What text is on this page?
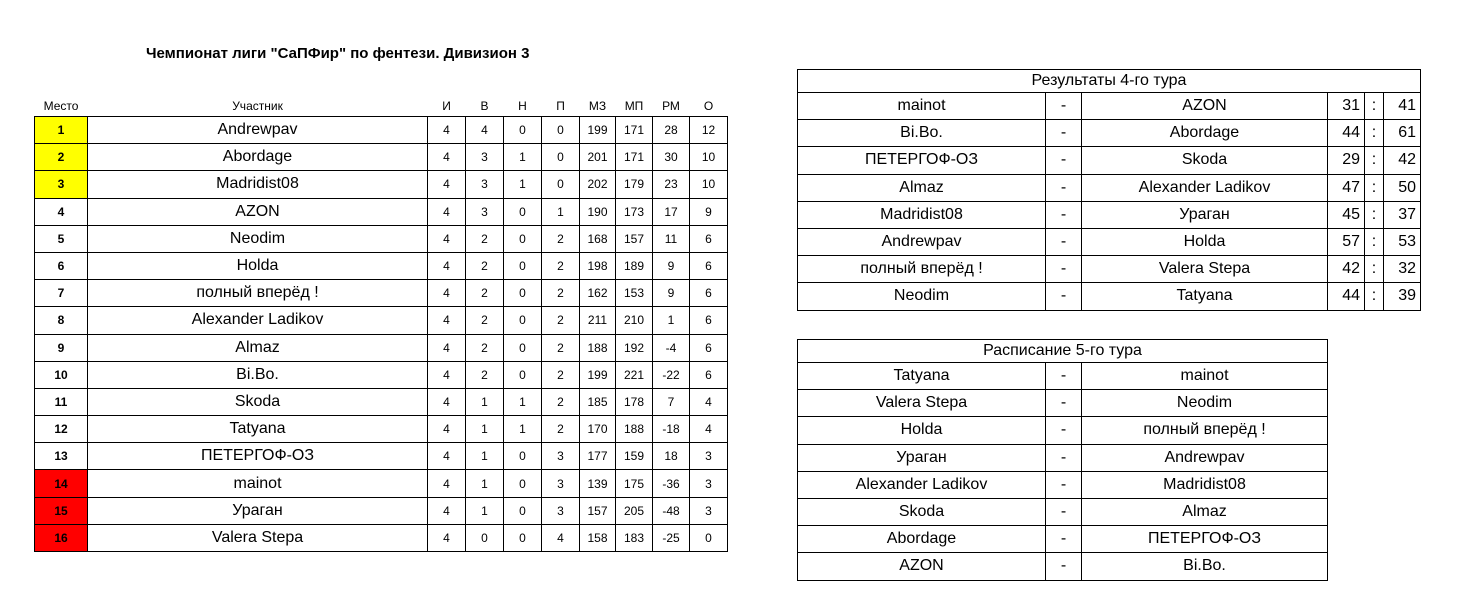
Чемпионат лиги "СаПФир" по фентези. Дивизион 3
Место	Участник	И	В	Н	П	МЗ	МП	РМ	О
1	Andrewpav	4	4	0	0	199	171	28	12
2	Abordage	4	3	1	0	201	171	30	10
3	Madridist08	4	3	1	0	202	179	23	10
4	AZON	4	3	0	1	190	173	17	9
5	Neodim	4	2	0	2	168	157	11	6
6	Holda	4	2	0	2	198	189	9	6
7	полный вперёд !	4	2	0	2	162	153	9	6
8	Alexander Ladikov	4	2	0	2	211	210	1	6
9	Almaz	4	2	0	2	188	192	-4	6
10	Bi.Bo.	4	2	0	2	199	221	-22	6
11	Skoda	4	1	1	2	185	178	7	4
12	Tatyana	4	1	1	2	170	188	-18	4
13	ПЕТЕРГОФ-ОЗ	4	1	0	3	177	159	18	3
14	mainot	4	1	0	3	139	175	-36	3
15	Ураган	4	1	0	3	157	205	-48	3
16	Valera Stepa	4	0	0	4	158	183	-25	0
Результаты 4-го тура					
mainot	-	AZON	31	:	41
Bi.Bo.	-	Abordage	44	:	61
ПЕТЕРГОФ-ОЗ	-	Skoda	29	:	42
Almaz	-	Alexander Ladikov	47	:	50
Madridist08	-	Ураган	45	:	37
Andrewpav	-	Holda	57	:	53
полный вперёд !	-	Valera Stepa	42	:	32
Neodim	-	Tatyana	44	:	39
Расписание 5-го тура		
Tatyana	-	mainot
Valera Stepa	-	Neodim
Holda	-	полный вперёд !
Ураган	-	Andrewpav
Alexander Ladikov	-	Madridist08
Skoda	-	Almaz
Abordage	-	ПЕТЕРГОФ-ОЗ
AZON	-	Bi.Bo.
